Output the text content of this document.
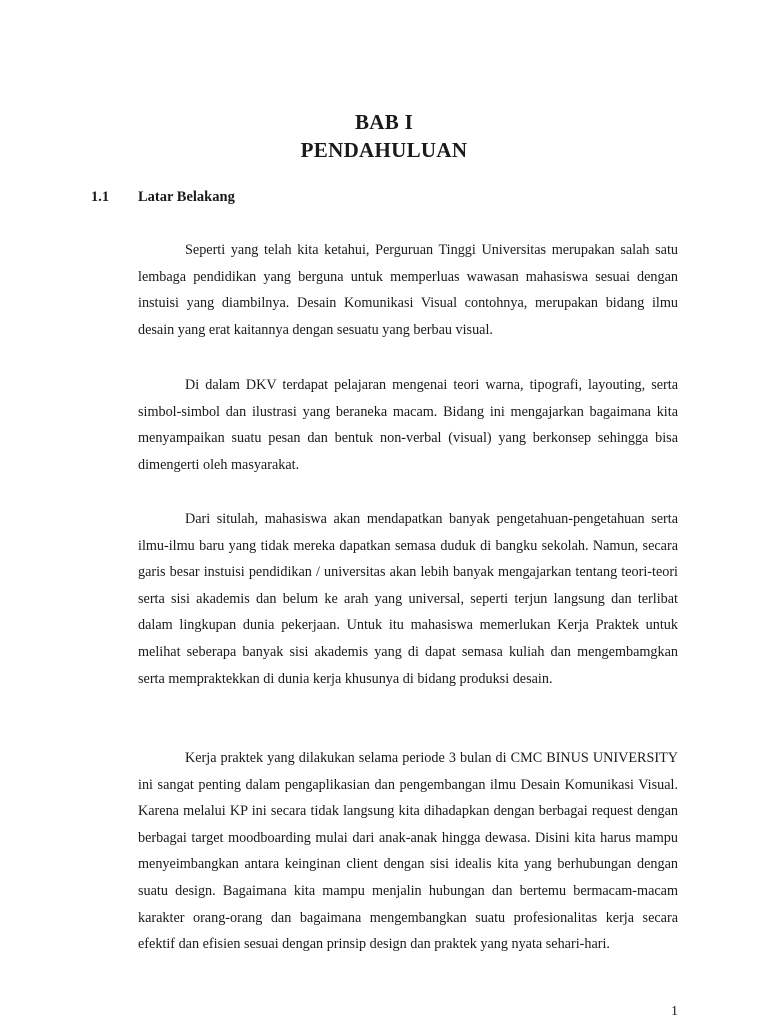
BAB I
PENDAHULUAN
1.1 Latar Belakang

Seperti yang telah kita ketahui, Perguruan Tinggi Universitas merupakan salah satu lembaga pendidikan yang berguna untuk memperluas wawasan mahasiswa sesuai dengan instuisi yang diambilnya. Desain Komunikasi Visual contohnya, merupakan bidang ilmu desain yang erat kaitannya dengan sesuatu yang berbau visual.

Di dalam DKV terdapat pelajaran mengenai teori warna, tipografi, layouting, serta simbol-simbol dan ilustrasi yang beraneka macam. Bidang ini mengajarkan bagaimana kita menyampaikan suatu pesan dan bentuk non-verbal (visual) yang berkonsep sehingga bisa dimengerti oleh masyarakat.

Dari situlah, mahasiswa akan mendapatkan banyak pengetahuan-pengetahuan serta ilmu-ilmu baru yang tidak mereka dapatkan semasa duduk di bangku sekolah. Namun, secara garis besar instuisi pendidikan / universitas akan lebih banyak mengajarkan tentang teori-teori serta sisi akademis dan belum ke arah yang universal, seperti terjun langsung dan terlibat dalam lingkupan dunia pekerjaan. Untuk itu mahasiswa memerlukan Kerja Praktek untuk melihat seberapa banyak sisi akademis yang di dapat semasa kuliah dan mengembamgkan serta mempraktekkan di dunia kerja khusunya di bidang produksi desain.

Kerja praktek yang dilakukan selama periode 3 bulan di CMC BINUS UNIVERSITY ini sangat penting dalam pengaplikasian dan pengembangan ilmu Desain Komunikasi Visual. Karena melalui KP ini secara tidak langsung kita dihadapkan dengan berbagai request dengan berbagai target moodboarding mulai dari anak-anak hingga dewasa. Disini kita harus mampu menyeimbangkan antara keinginan client dengan sisi idealis kita yang berhubungan dengan suatu design. Bagaimana kita mampu menjalin hubungan dan bertemu bermacam-macam karakter orang-orang dan bagaimana mengembangkan suatu profesionalitas kerja secara efektif dan efisien sesuai dengan prinsip design dan praktek yang nyata sehari-hari.

1
